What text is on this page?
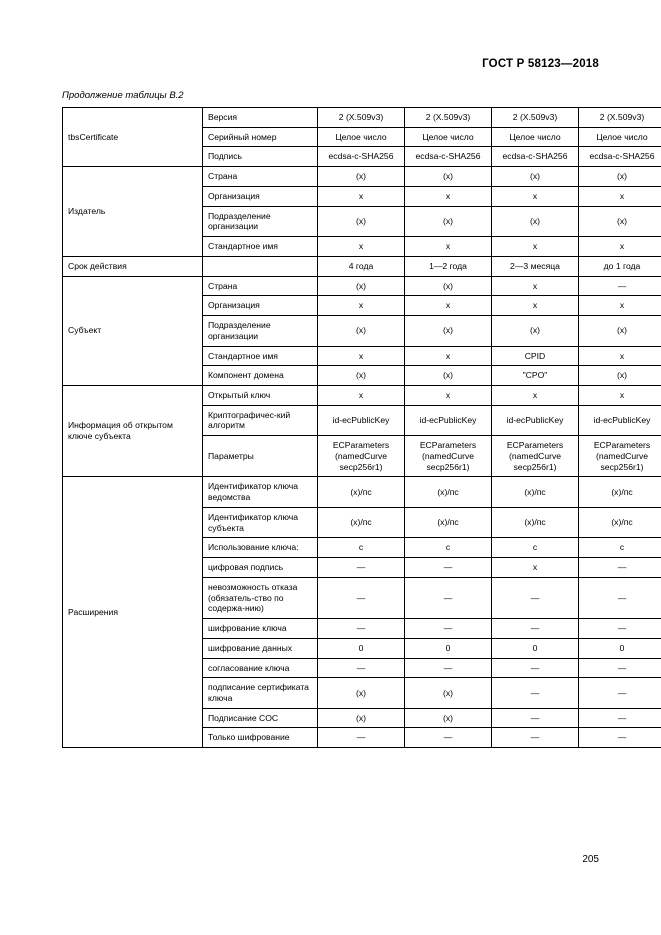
ГОСТ Р 58123—2018
Продолжение таблицы В.2
tbsCertificate	Версия	2 (X.509v3)	2 (X.509v3)	2 (X.509v3)	2 (X.509v3)
	Серийный номер	Целое число	Целое число	Целое число	Целое число
	Подпись	ecdsa-c-SHA256	ecdsa-c-SHA256	ecdsa-c-SHA256	ecdsa-c-SHA256
Издатель	Страна	(x)	(x)	(x)	(x)
	Организация	x	x	x	x
	Подразделение организации	(x)	(x)	(x)	(x)
	Стандартное имя	x	x	x	x
Срок действия		4 года	1—2 года	2—3 месяца	до 1 года
Субъект	Страна	(x)	(x)	x	—
	Организация	x	x	x	x
	Подразделение организации	(x)	(x)	(x)	(x)
	Стандартное имя	x	x	CPID	x
	Компонент домена	(x)	(x)	"CPO"	(x)
Информация об открытом ключе субъекта	Открытый ключ	x	x	x	x
	Криптографичес-кий алгоритм	id-ecPublicKey	id-ecPublicKey	id-ecPublicKey	id-ecPublicKey
	Параметры	ECParameters (namedCurve secp256r1)	ECParameters (namedCurve secp256r1)	ECParameters (namedCurve secp256r1)	ECParameters (namedCurve secp256r1)
Расширения	Идентификатор ключа ведомства	(x)/пс	(x)/пс	(x)/пс	(x)/пс
	Идентификатор ключа субъекта	(x)/пс	(x)/пс	(x)/пс	(x)/пс
	Использование ключа:	с	с	с	с
	цифровая подпись	—	—	x	—
	невозможность отказа (обязатель-ство по содержа-нию)	—	—	—	—
	шифрование ключа	—	—	—	—
	шифрование данных	0	0	0	0
	согласование ключа	—	—	—	—
	подписание сертификата ключа	(x)	(x)	—	—
	Подписание COC	(x)	(x)	—	—
	Только шифрование	—	—	—	—
205
